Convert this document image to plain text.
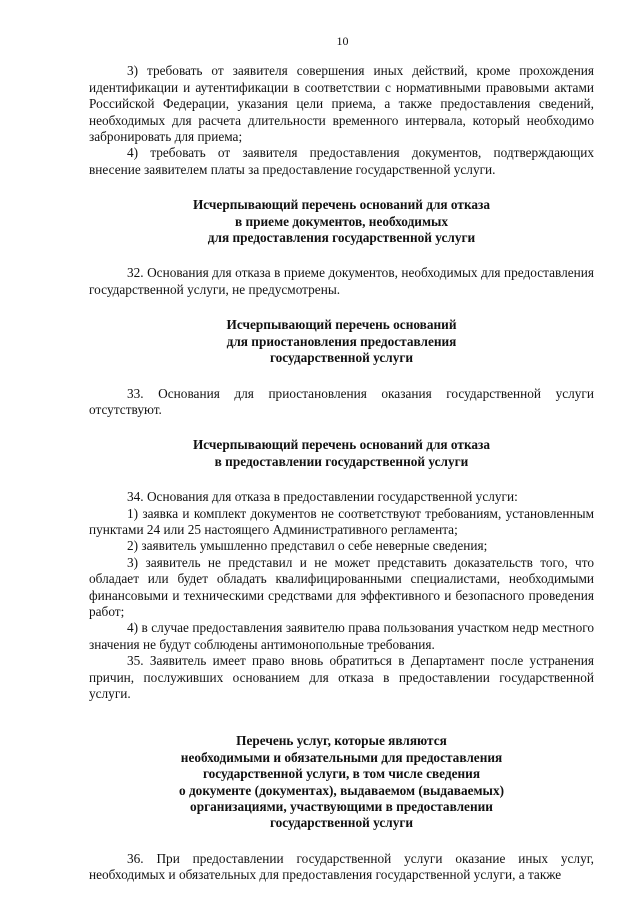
10

3) требовать от заявителя совершения иных действий, кроме прохождения идентификации и аутентификации в соответствии с нормативными правовыми актами Российской Федерации, указания цели приема, а также предоставления сведений, необходимых для расчета длительности временного интервала, который необходимо забронировать для приема;

4) требовать от заявителя предоставления документов, подтверждающих внесение заявителем платы за предоставление государственной услуги.

Исчерпывающий перечень оснований для отказа
в приеме документов, необходимых
для предоставления государственной услуги

32. Основания для отказа в приеме документов, необходимых для предоставления государственной услуги, не предусмотрены.

Исчерпывающий перечень оснований
для приостановления предоставления
государственной услуги

33. Основания для приостановления оказания государственной услуги отсутствуют.

Исчерпывающий перечень оснований для отказа
в предоставлении государственной услуги

34. Основания для отказа в предоставлении государственной услуги:

1) заявка и комплект документов не соответствуют требованиям, установленным пунктами 24 или 25 настоящего Административного регламента;

2) заявитель умышленно представил о себе неверные сведения;

3) заявитель не представил и не может представить доказательств того, что обладает или будет обладать квалифицированными специалистами, необходимыми финансовыми и техническими средствами для эффективного и безопасного проведения работ;

4) в случае предоставления заявителю права пользования участком недр местного значения не будут соблюдены антимонопольные требования.

35. Заявитель имеет право вновь обратиться в Департамент после устранения причин, послуживших основанием для отказа в предоставлении государственной услуги.

Перечень услуг, которые являются
необходимыми и обязательными для предоставления
государственной услуги, в том числе сведения
о документе (документах), выдаваемом (выдаваемых)
организациями, участвующими в предоставлении
государственной услуги

36. При предоставлении государственной услуги оказание иных услуг, необходимых и обязательных для предоставления государственной услуги, а также
